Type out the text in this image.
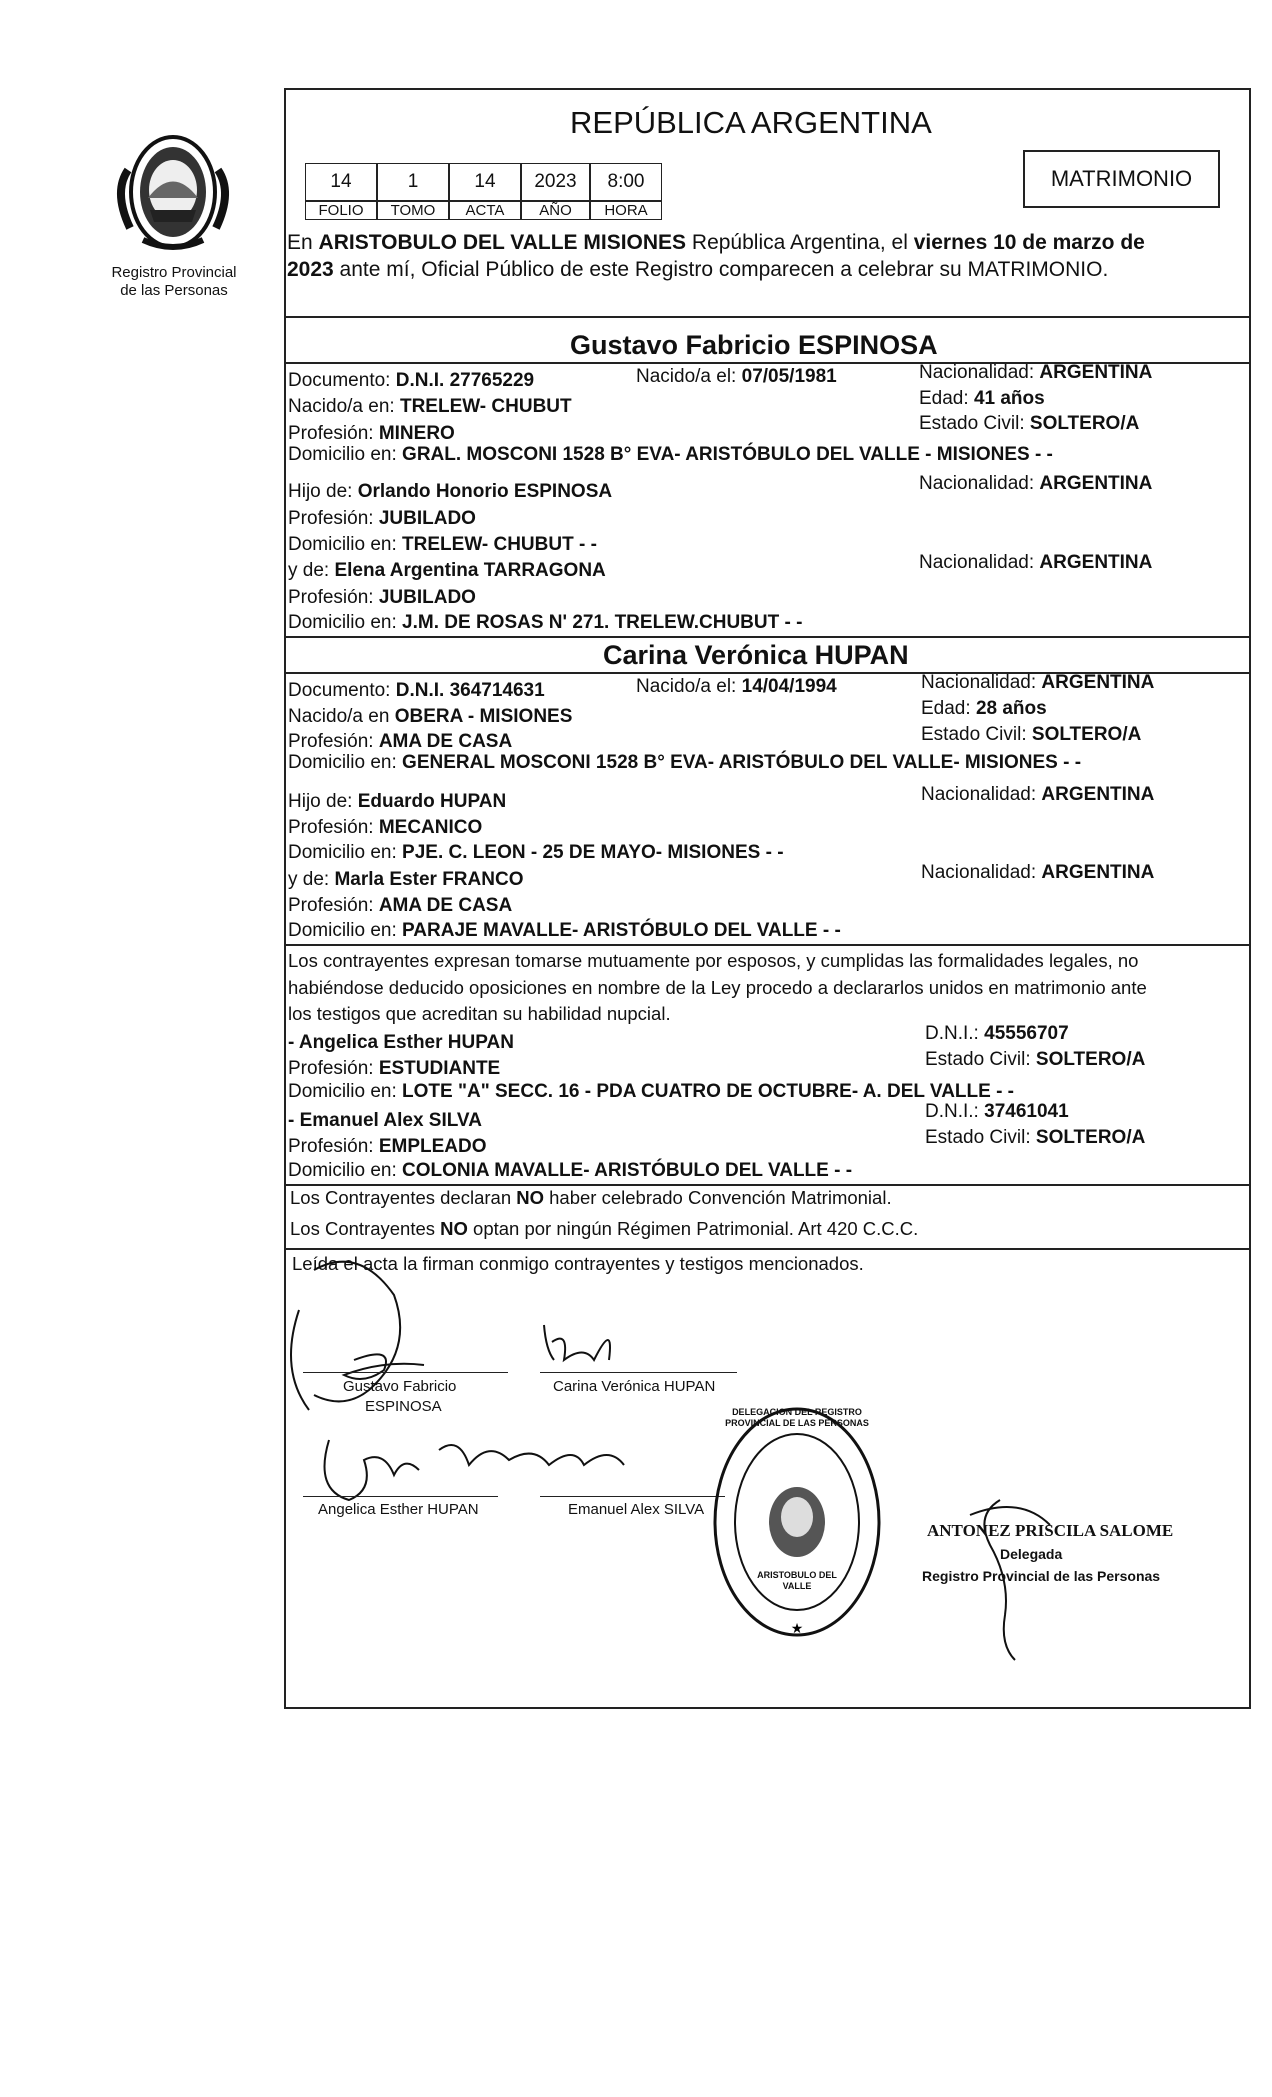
Registro Provincial
de las Personas
REPÚBLICA ARGENTINA
14	1	14	2023	8:00
FOLIO	TOMO	ACTA	AÑO	HORA
MATRIMONIO
En ARISTOBULO DEL VALLE MISIONES República Argentina, el viernes 10 de marzo de
2023 ante mí, Oficial Público de este Registro comparecen a celebrar su MATRIMONIO.
Gustavo Fabricio ESPINOSA
Documento: D.N.I. 27765229	Nacido/a el: 07/05/1981	Nacionalidad: ARGENTINA
Nacido/a en: TRELEW- CHUBUT	Edad: 41 años
Profesión: MINERO	Estado Civil: SOLTERO/A
Domicilio en: GRAL. MOSCONI 1528 B° EVA- ARISTÓBULO DEL VALLE - MISIONES - -
Hijo de: Orlando Honorio ESPINOSA	Nacionalidad: ARGENTINA
Profesión: JUBILADO
Domicilio en: TRELEW- CHUBUT - -
y de: Elena Argentina TARRAGONA	Nacionalidad: ARGENTINA
Profesión: JUBILADO
Domicilio en: J.M. DE ROSAS N' 271. TRELEW.CHUBUT - -
Carina Verónica HUPAN
Documento: D.N.I. 364714631	Nacido/a el: 14/04/1994	Nacionalidad: ARGENTINA
Nacido/a en OBERA - MISIONES	Edad: 28 años
Profesión: AMA DE CASA	Estado Civil: SOLTERO/A
Domicilio en: GENERAL MOSCONI 1528 B° EVA- ARISTÓBULO DEL VALLE- MISIONES - -
Hijo de: Eduardo HUPAN	Nacionalidad: ARGENTINA
Profesión: MECANICO
Domicilio en: PJE. C. LEON - 25 DE MAYO- MISIONES - -
y de: Marla Ester FRANCO	Nacionalidad: ARGENTINA
Profesión: AMA DE CASA
Domicilio en: PARAJE MAVALLE- ARISTÓBULO DEL VALLE - -
Los contrayentes expresan tomarse mutuamente por esposos, y cumplidas las formalidades legales, no
habiéndose deducido oposiciones en nombre de la Ley procedo a declararlos unidos en matrimonio ante
los testigos que acreditan su habilidad nupcial.
- Angelica Esther HUPAN	D.N.I.: 45556707
Profesión: ESTUDIANTE	Estado Civil: SOLTERO/A
Domicilio en: LOTE "A" SECC. 16 - PDA CUATRO DE OCTUBRE- A. DEL VALLE - -
- Emanuel Alex SILVA	D.N.I.: 37461041
Profesión: EMPLEADO	Estado Civil: SOLTERO/A
Domicilio en: COLONIA MAVALLE- ARISTÓBULO DEL VALLE - -
Los Contrayentes declaran NO haber celebrado Convención Matrimonial.
Los Contrayentes NO optan por ningún Régimen Patrimonial. Art 420 C.C.C.
Leída el acta la firman conmigo contrayentes y testigos mencionados.
Gustavo Fabricio
ESPINOSA
Carina Verónica HUPAN
Angelica Esther HUPAN	Emanuel Alex SILVA
★
DELEGACION DEL REGISTRO PROVINCIAL DE LAS PERSONAS
ARISTOBULO DEL VALLE
ANTONEZ PRISCILA SALOME
Delegada
Registro Provincial de las Personas
